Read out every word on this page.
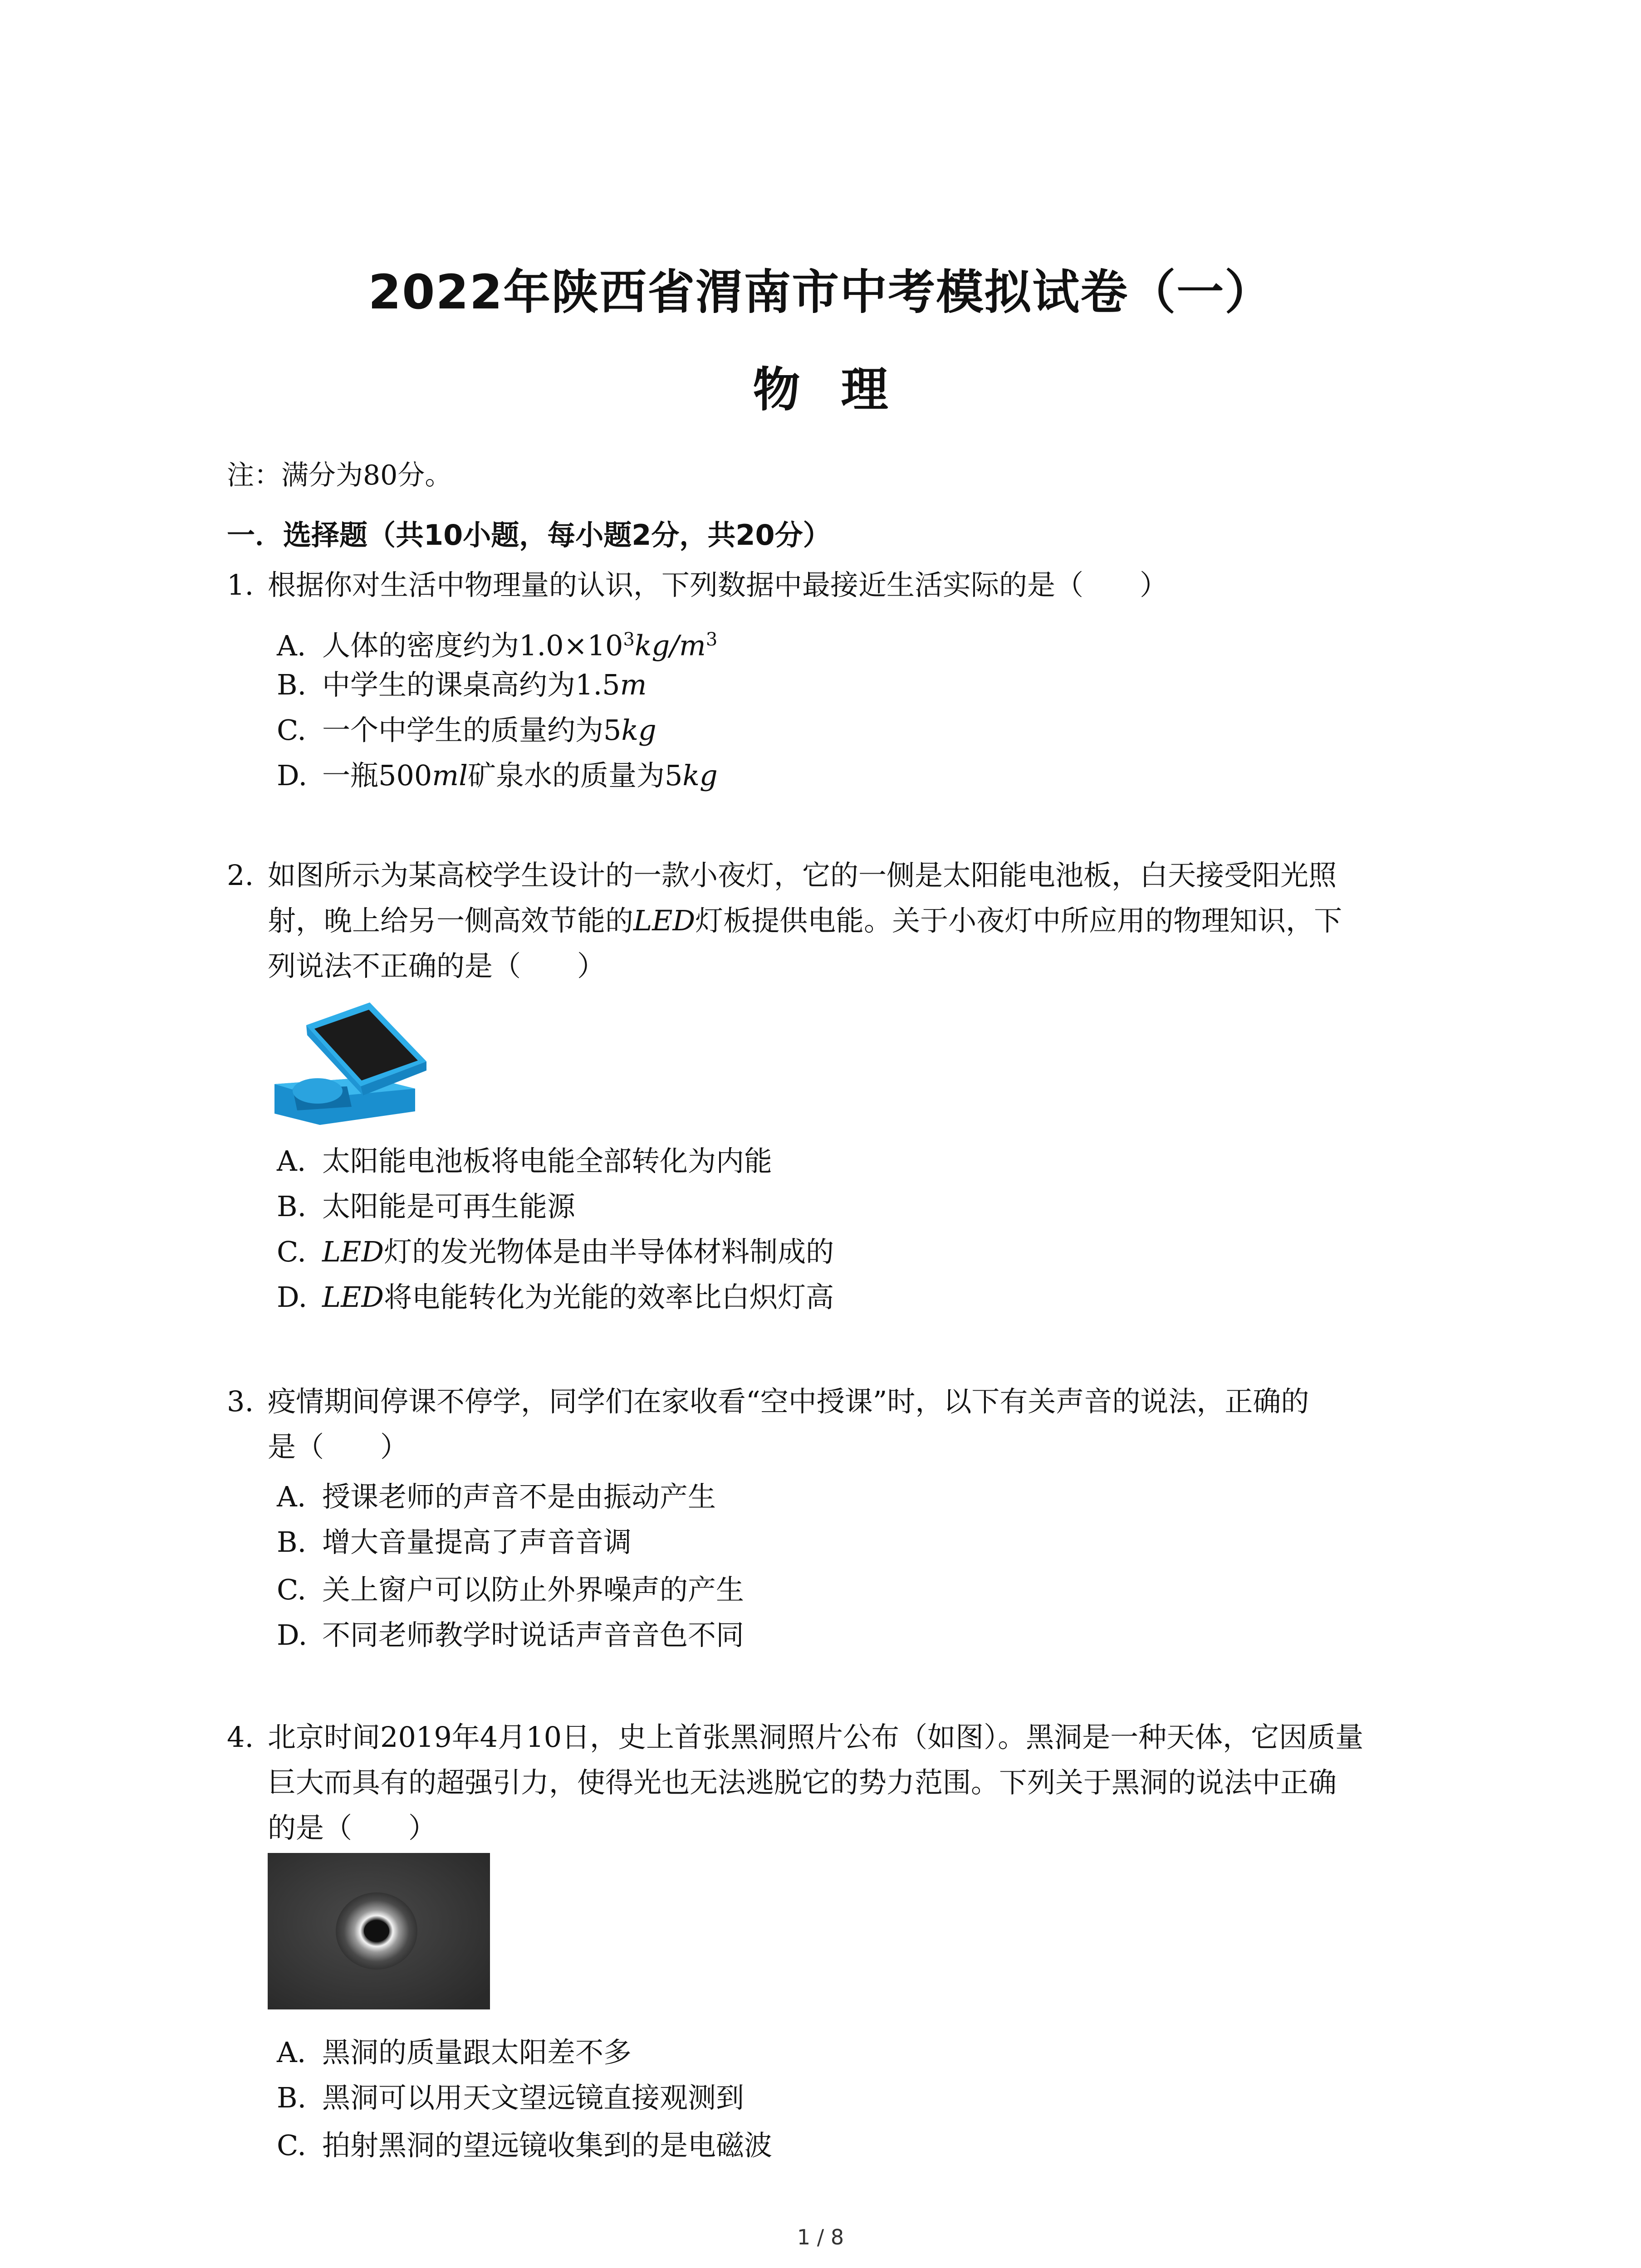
2022年陕西省渭南市中考模拟试卷（一）
物理
注：满分为80分。
一．选择题（共10小题，每小题2分，共20分）
1. 根据你对生活中物理量的认识，下列数据中最接近生活实际的是（　　）
A. 人体的密度约为$1.0\times 10^3kg/m^3$
B. 中学生的课桌高约为1.5m
C. 一个中学生的质量约为5kg
D. 一瓶500ml矿泉水的质量为5kg
2. 如图所示为某高校学生设计的一款小夜灯，它的一侧是太阳能电池板，白天接受阳光照
射，晚上给另一侧高效节能的LED灯板提供电能。关于小夜灯中所应用的物理知识，下
列说法不正确的是（　　）
A. 太阳能电池板将电能全部转化为内能
B. 太阳能是可再生能源
C. LED灯的发光物体是由半导体材料制成的
D. LED将电能转化为光能的效率比白炽灯高
3. 疫情期间停课不停学，同学们在家收看“空中授课”时，以下有关声音的说法，正确的
是（　　）
A. 授课老师的声音不是由振动产生
B. 增大音量提高了声音音调
C. 关上窗户可以防止外界噪声的产生
D. 不同老师教学时说话声音音色不同
4. 北京时间2019年4月10日，史上首张黑洞照片公布（如图）。黑洞是一种天体，它因质量
巨大而具有的超强引力，使得光也无法逃脱它的势力范围。下列关于黑洞的说法中正确
的是（　　）
A. 黑洞的质量跟太阳差不多
B. 黑洞可以用天文望远镜直接观测到
C. 拍射黑洞的望远镜收集到的是电磁波
1 / 8
